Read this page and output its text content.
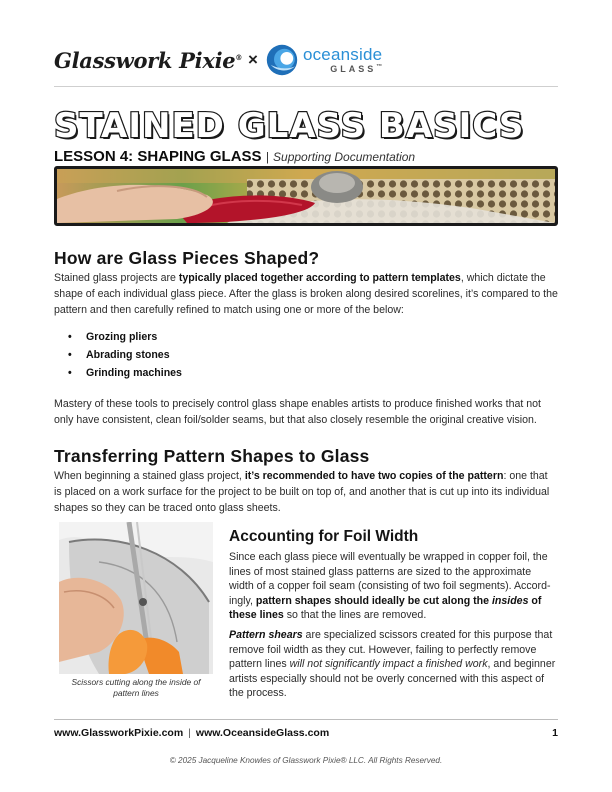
Glasswork Pixie® ×	oceanside
GLASS™
STAINED GLASS BASICS
LESSON 4: SHAPING GLASS | Supporting Documentation
How are Glass Pieces Shaped?
Stained glass projects are typically placed together according to pattern templates, which dictate the shape of each individual glass piece. After the glass is broken along desired scorelines, it’s compared to the pattern and then carefully refined to match using one or more of the below:
•	Grozing pliers
•	Abrading stones
•	Grinding machines
Mastery of these tools to precisely control glass shape enables artists to produce finished works that not only have consistent, clean foil/solder seams, but that also closely resemble the original creative vision.
Transferring Pattern Shapes to Glass
When beginning a stained glass project, it’s recommended to have two copies of the pattern: one that is placed on a work surface for the project to be built on top of, and another that is cut up into its individual shapes so they can be traced onto glass sheets.
Scissors cutting along the inside of pattern lines
Accounting for Foil Width
Since each glass piece will eventually be wrapped in copper foil, the lines of most stained glass patterns are sized to the approximate width of a copper foil seam (consisting of two foil segments). Accord-ingly, pattern shapes should ideally be cut along the insides of these lines so that the lines are removed.
Pattern shears are specialized scissors created for this purpose that remove foil width as they cut. However, failing to perfectly remove pattern lines will not significantly impact a finished work, and beginner artists especially should not be overly concerned with this aspect of the process.
www.GlassworkPixie.com | www.OceansideGlass.com	1
© 2025 Jacqueline Knowles of Glasswork Pixie® LLC. All Rights Reserved.
